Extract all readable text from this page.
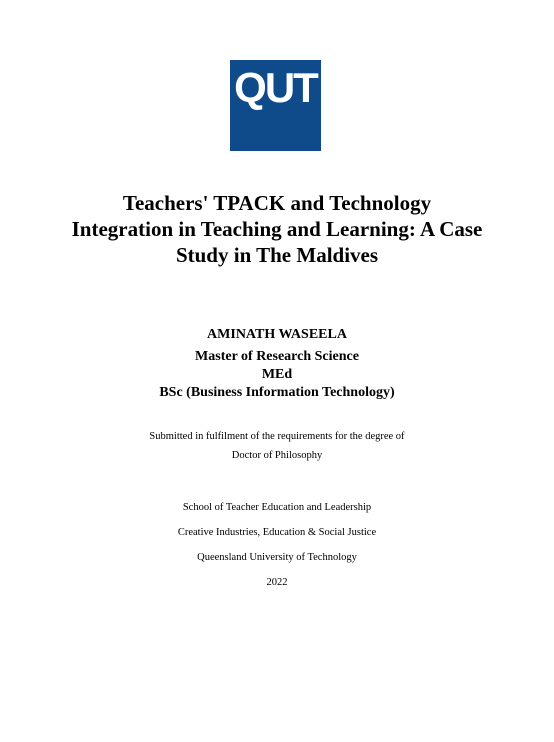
QUT
Teachers' TPACK and Technology
Integration in Teaching and Learning: A Case
Study in The Maldives
AMINATH WASEELA
Master of Research Science
MEd
BSc (Business Information Technology)
Submitted in fulfilment of the requirements for the degree of
Doctor of Philosophy
School of Teacher Education and Leadership
Creative Industries, Education & Social Justice
Queensland University of Technology
2022
